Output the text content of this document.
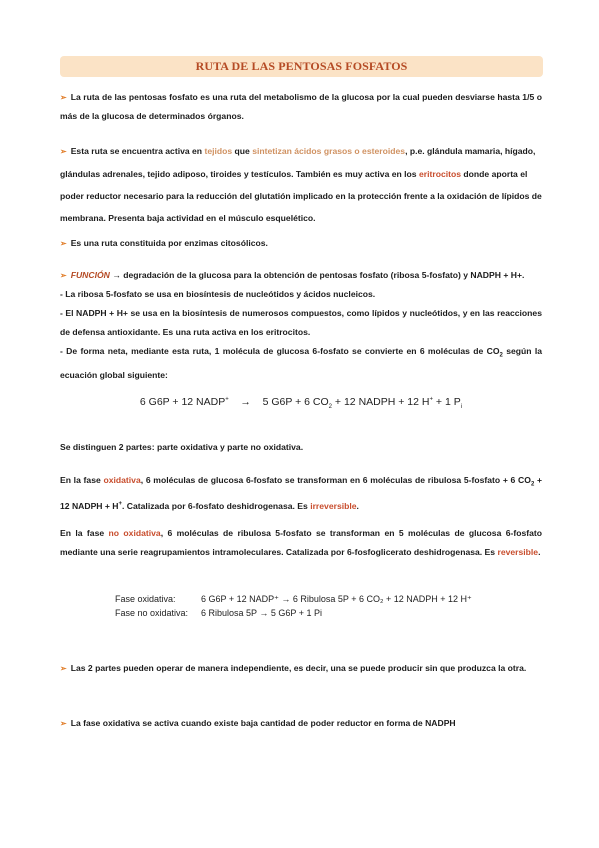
RUTA DE LAS PENTOSAS FOSFATOS
➢ La ruta de las pentosas fosfato es una ruta del metabolismo de la glucosa por la cual pueden desviarse hasta 1/5 o más de la glucosa de determinados órganos.
➢ Esta ruta se encuentra activa en tejidos que sintetizan ácidos grasos o esteroides, p.e. glándula mamaria, hígado, glándulas adrenales, tejido adiposo, tiroides y testículos. También es muy activa en los eritrocitos donde aporta el poder reductor necesario para la reducción del glutatión implicado en la protección frente a la oxidación de lípidos de membrana. Presenta baja actividad en el músculo esquelético.
➢ Es una ruta constituida por enzimas citosólicos.
➢ FUNCIÓN → degradación de la glucosa para la obtención de pentosas fosfato (ribosa 5-fosfato) y NADPH + H+.
- La ribosa 5-fosfato se usa en biosíntesis de nucleótidos y ácidos nucleicos.
- El NADPH + H+ se usa en la biosíntesis de numerosos compuestos, como lípidos y nucleótidos, y en las reacciones de defensa antioxidante. Es una ruta activa en los eritrocitos.
- De forma neta, mediante esta ruta, 1 molécula de glucosa 6-fosfato se convierte en 6 moléculas de $CO_2$ según la ecuación global siguiente:
6 G6P + 12 NADP+ → 5 G6P + 6 $CO_2 + 12$ NADPH + 12 H+ + 1 $P_i$
Se distinguen 2 partes: parte oxidativa y parte no oxidativa.
En la fase oxidativa, 6 moléculas de glucosa 6-fosfato se transforman en 6 moléculas de ribulosa 5-fosfato + 6 $CO_2 + 12$ NADPH + H+. Catalizada por 6-fosfato deshidrogenasa. Es irreversible.
En la fase no oxidativa, 6 moléculas de ribulosa 5-fosfato se transforman en 5 moléculas de glucosa 6-fosfato mediante una serie reagrupamientos intramoleculares. Catalizada por 6-fosfoglicerato deshidrogenasa. Es reversible.
Fase oxidativa:	6 G6P + 12 NADP⁺ → 6 Ribulosa 5P + 6 CO₂ + 12 NADPH + 12 H⁺
Fase no oxidativa:	6 Ribulosa 5P → 5 G6P + 1 Pi
➢ Las 2 partes pueden operar de manera independiente, es decir, una se puede producir sin que produzca la otra.
➢ La fase oxidativa se activa cuando existe baja cantidad de poder reductor en forma de NADPH
